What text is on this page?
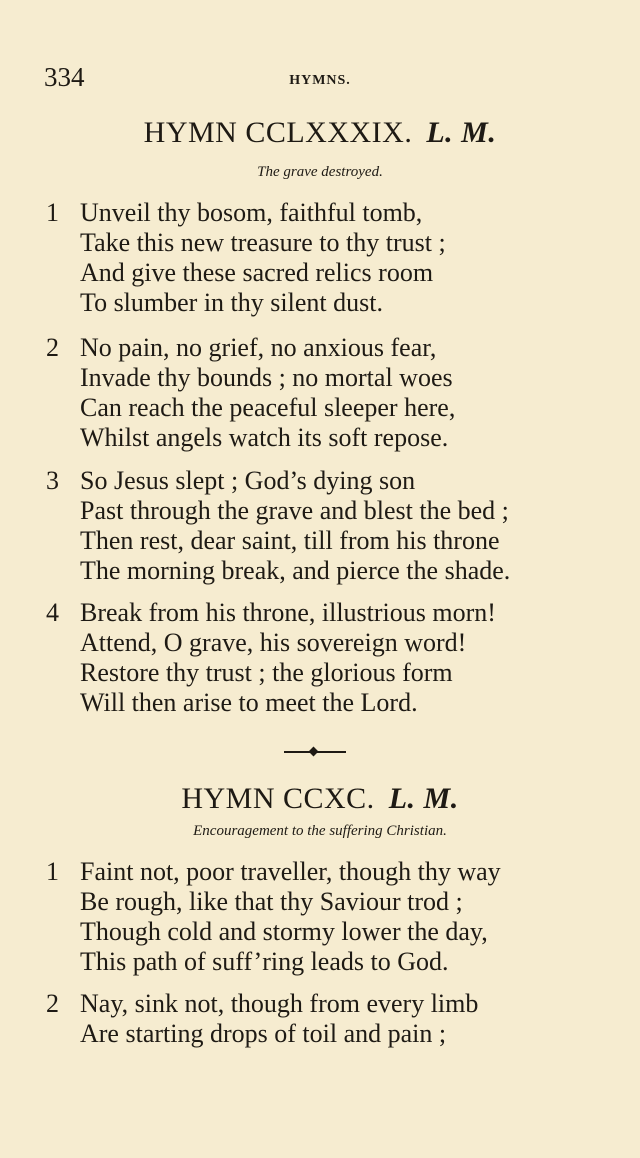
334	HYMNS.
HYMN CCLXXXIX. L. M.
The grave destroyed.
1 Unveil thy bosom, faithful tomb,
Take this new treasure to thy trust ;
And give these sacred relics room
To slumber in thy silent dust.
2 No pain, no grief, no anxious fear,
Invade thy bounds ; no mortal woes
Can reach the peaceful sleeper here,
Whilst angels watch its soft repose.
3 So Jesus slept ; God’s dying son
Past through the grave and blest the bed ;
Then rest, dear saint, till from his throne
The morning break, and pierce the shade.
4 Break from his throne, illustrious morn!
Attend, O grave, his sovereign word!
Restore thy trust ; the glorious form
Will then arise to meet the Lord.
HYMN CCXC. L. M.
Encouragement to the suffering Christian.
1 Faint not, poor traveller, though thy way
Be rough, like that thy Saviour trod ;
Though cold and stormy lower the day,
This path of suff’ring leads to God.
2 Nay, sink not, though from every limb
Are starting drops of toil and pain ;
